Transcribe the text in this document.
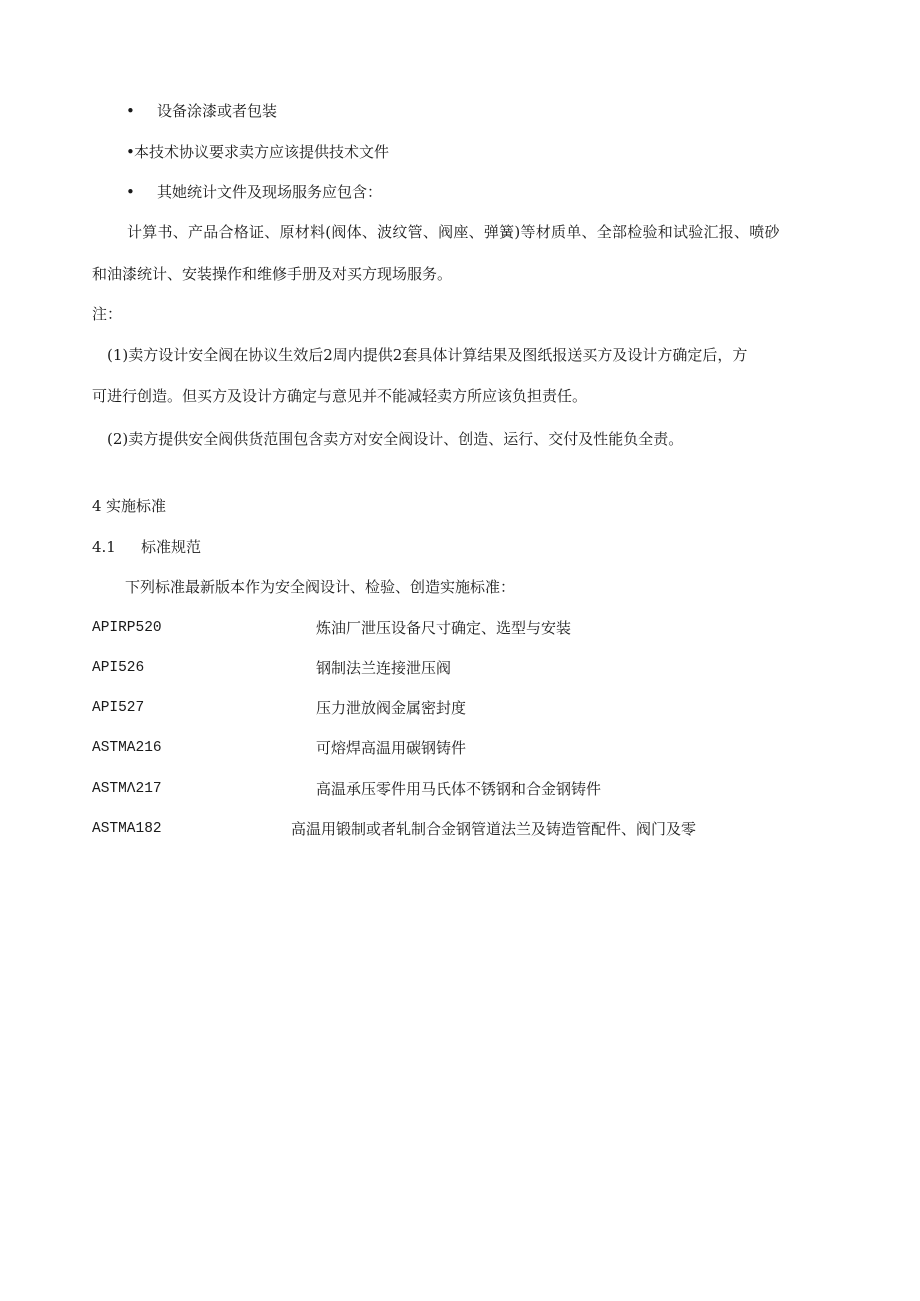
• 设备涂漆或者包装
• 本技术协议要求卖方应该提供技术文件
• 其她统计文件及现场服务应包含：
计算书、产品合格证、原材料(阀体、波纹管、阀座、弹簧)等材质单、全部检验和试验汇报、喷砂
和油漆统计、安装操作和维修手册及对买方现场服务。
注：
(1)卖方设计安全阀在协议生效后2周内提供2套具体计算结果及图纸报送买方及设计方确定后，方
可进行创造。但买方及设计方确定与意见并不能减轻卖方所应该负担责任。
(2)卖方提供安全阀供货范围包含卖方对安全阀设计、创造、运行、交付及性能负全责。
4 实施标准
4.1 标准规范
下列标准最新版本作为安全阀设计、检验、创造实施标准：
APIRP520	炼油厂泄压设备尺寸确定、选型与安装
API526	钢制法兰连接泄压阀
API527	压力泄放阀金属密封度
ASTMA216	可熔焊高温用碳钢铸件
ASTMΛ217	高温承压零件用马氏体不锈钢和合金钢铸件
ASTMA182	高温用锻制或者轧制合金钢管道法兰及铸造管配件、阀门及零
